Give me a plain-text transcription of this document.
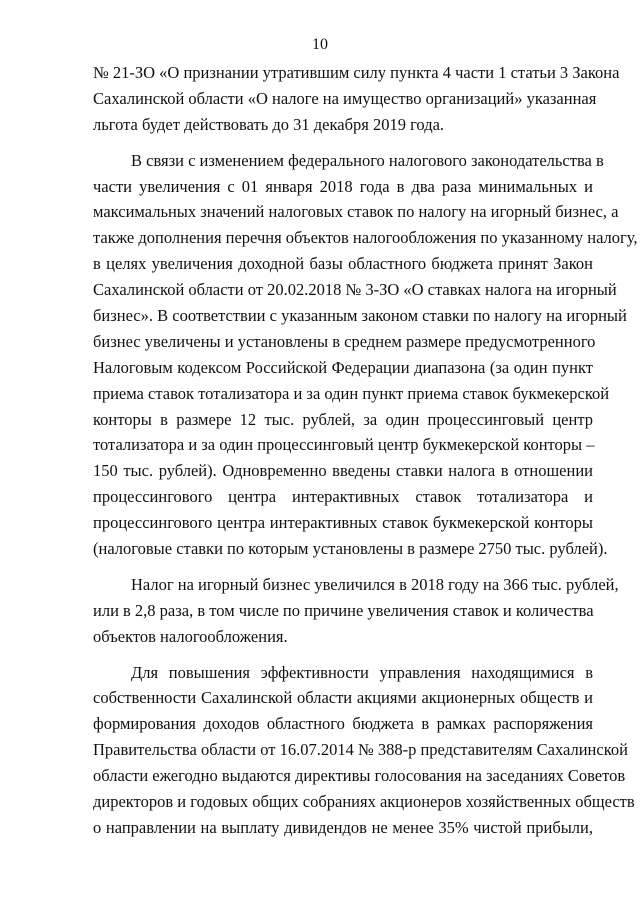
10
№ 21-ЗО «О признании утратившим силу пункта 4 части 1 статьи 3 Закона
Сахалинской области «О налоге на имущество организаций» указанная
льгота будет действовать до 31 декабря 2019 года.
В связи с изменением федерального налогового законодательства в
части увеличения с 01 января 2018 года в два раза минимальных и
максимальных значений налоговых ставок по налогу на игорный бизнес, а
также дополнения перечня объектов налогообложения по указанному налогу,
в целях увеличения доходной базы областного бюджета принят Закон
Сахалинской области от 20.02.2018 № 3-ЗО «О ставках налога на игорный
бизнес». В соответствии с указанным законом ставки по налогу на игорный
бизнес увеличены и установлены в среднем размере предусмотренного
Налоговым кодексом Российской Федерации диапазона (за один пункт
приема ставок тотализатора и за один пункт приема ставок букмекерской
конторы в размере 12 тыс. рублей, за один процессинговый центр
тотализатора и за один процессинговый центр букмекерской конторы –
150 тыс. рублей). Одновременно введены ставки налога в отношении
процессингового центра интерактивных ставок тотализатора и
процессингового центра интерактивных ставок букмекерской конторы
(налоговые ставки по которым установлены в размере 2750 тыс. рублей).
Налог на игорный бизнес увеличился в 2018 году на 366 тыс. рублей,
или в 2,8 раза, в том числе по причине увеличения ставок и количества
объектов налогообложения.
Для повышения эффективности управления находящимися в
собственности Сахалинской области акциями акционерных обществ и
формирования доходов областного бюджета в рамках распоряжения
Правительства области от 16.07.2014 № 388-р представителям Сахалинской
области ежегодно выдаются директивы голосования на заседаниях Советов
директоров и годовых общих собраниях акционеров хозяйственных обществ
о направлении на выплату дивидендов не менее 35% чистой прибыли,
